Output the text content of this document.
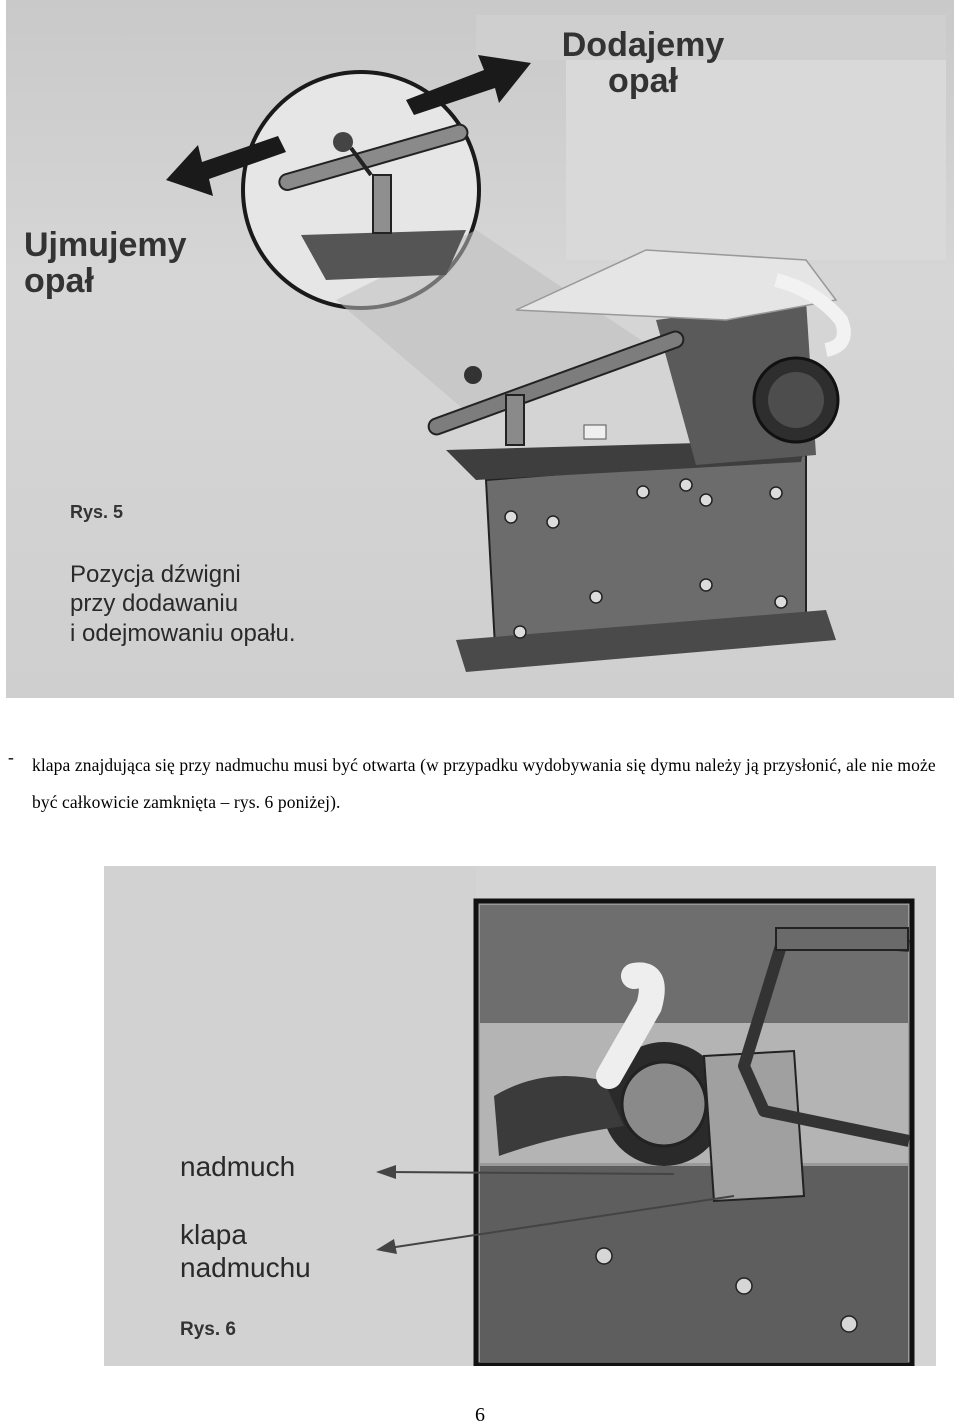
Dodajemy opał
Ujmujemy opał
Rys. 5
Pozycja dźwigni
przy dodawaniu
i odejmowaniu opału.
- klapa znajdująca się przy nadmuchu musi być otwarta (w przypadku wydobywania się dymu należy ją przysłonić, ale nie może być całkowicie zamknięta – rys. 6 poniżej).
nadmuch
klapa
nadmuchu
Rys. 6
6
